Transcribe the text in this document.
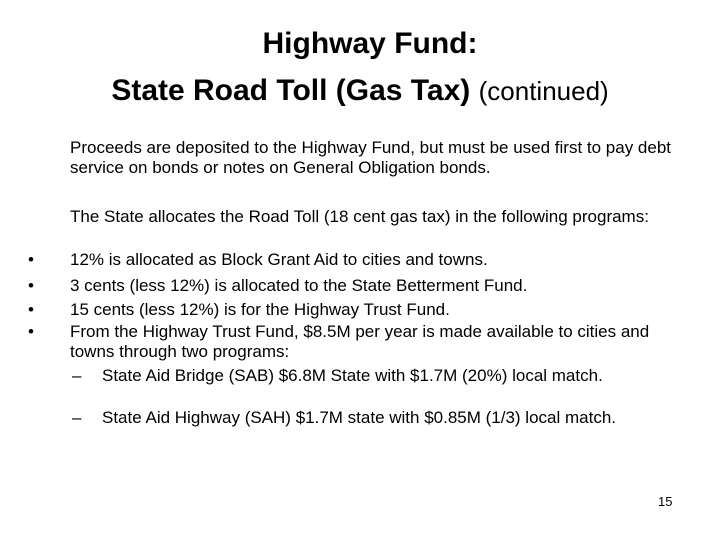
Highway Fund:
State Road Toll (Gas Tax) (continued)
Proceeds are deposited to the Highway Fund, but must be used first to pay debt service on bonds or notes on General Obligation bonds.
The State allocates the Road Toll (18 cent gas tax) in the following programs:
• 12% is allocated as Block Grant Aid to cities and towns.
• 3 cents (less 12%) is allocated to the State Betterment Fund.
• 15 cents (less 12%) is for the Highway Trust Fund.
• From the Highway Trust Fund, $8.5M per year is made available to cities and towns through two programs:
– State Aid Bridge (SAB) $6.8M State with $1.7M (20%) local match.
– State Aid Highway (SAH) $1.7M state with $0.85M (1/3) local match.
15
